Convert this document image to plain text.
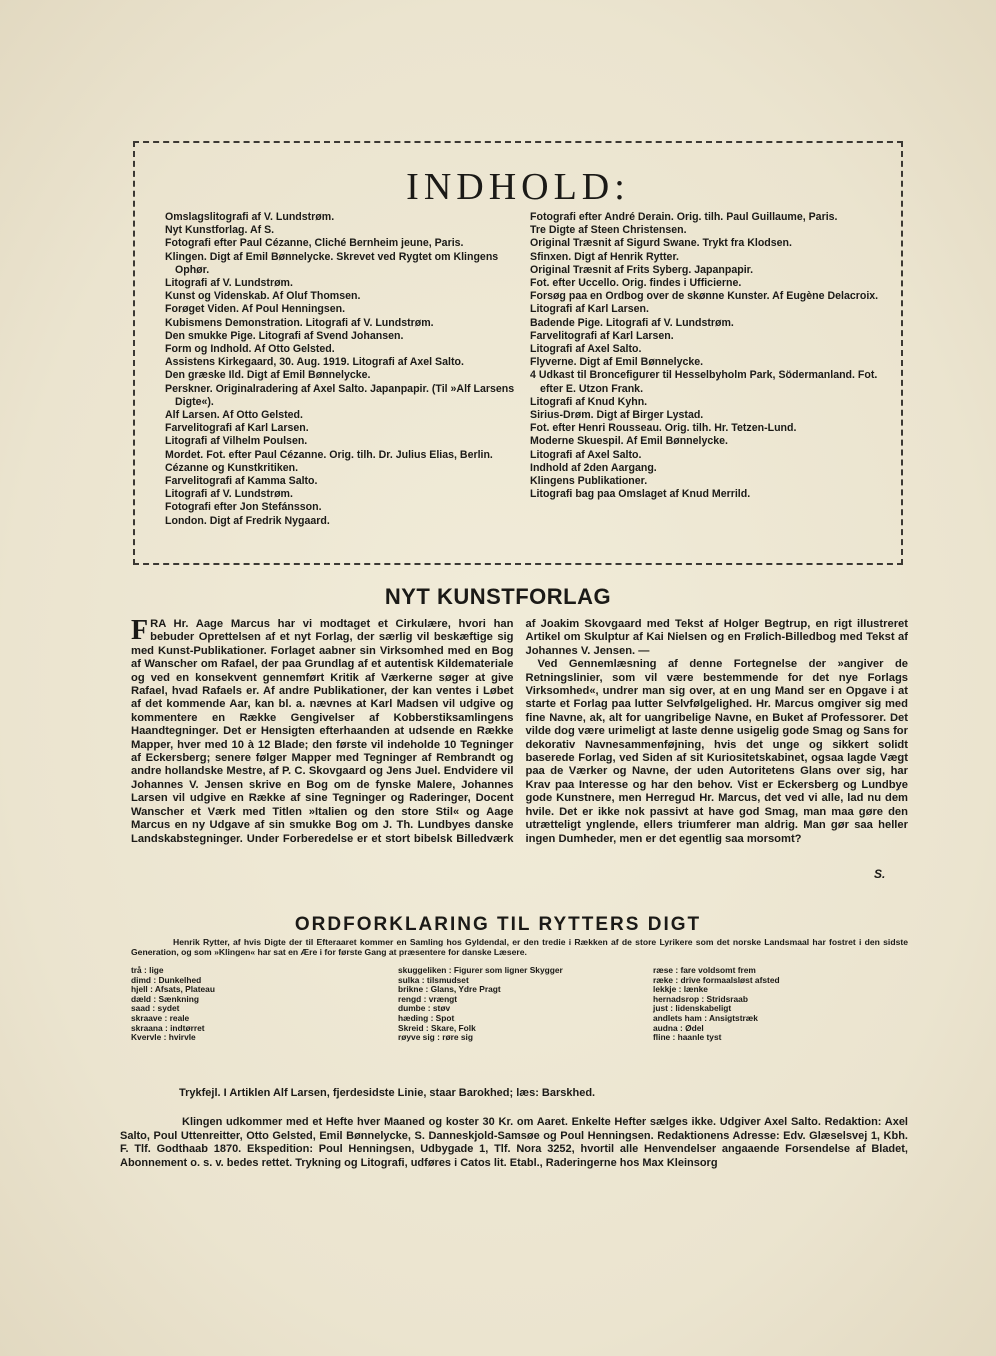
INDHOLD:
Omslagslitografi af V. Lundstrøm.
Nyt Kunstforlag. Af S.
Fotografi efter Paul Cézanne, Cliché Bernheim jeune, Paris.
Klingen. Digt af Emil Bønnelycke. Skrevet ved Rygtet om Klingens Ophør.
Litografi af V. Lundstrøm.
Kunst og Videnskab. Af Oluf Thomsen.
Forøget Viden. Af Poul Henningsen.
Kubismens Demonstration. Litografi af V. Lundstrøm.
Den smukke Pige. Litografi af Svend Johansen.
Form og Indhold. Af Otto Gelsted.
Assistens Kirkegaard, 30. Aug. 1919. Litografi af Axel Salto.
Den græske Ild. Digt af Emil Bønnelycke.
Perskner. Originalradering af Axel Salto. Japanpapir. (Til »Alf Larsens Digte«).
Alf Larsen. Af Otto Gelsted.
Farvelitografi af Karl Larsen.
Litografi af Vilhelm Poulsen.
Mordet. Fot. efter Paul Cézanne. Orig. tilh. Dr. Julius Elias, Berlin.
Cézanne og Kunstkritiken.
Farvelitografi af Kamma Salto.
Litografi af V. Lundstrøm.
Fotografi efter Jon Stefánsson.
London. Digt af Fredrik Nygaard.
Fotografi efter André Derain. Orig. tilh. Paul Guillaume, Paris.
Tre Digte af Steen Christensen.
Original Træsnit af Sigurd Swane. Trykt fra Klodsen.
Sfinxen. Digt af Henrik Rytter.
Original Træsnit af Frits Syberg. Japanpapir.
Fot. efter Uccello. Orig. findes i Ufficierne.
Forsøg paa en Ordbog over de skønne Kunster. Af Eugène Delacroix.
Litografi af Karl Larsen.
Badende Pige. Litografi af V. Lundstrøm.
Farvelitografi af Karl Larsen.
Litografi af Axel Salto.
Flyverne. Digt af Emil Bønnelycke.
4 Udkast til Broncefigurer til Hesselbyholm Park, Södermanland. Fot. efter E. Utzon Frank.
Litografi af Knud Kyhn.
Sirius-Drøm. Digt af Birger Lystad.
Fot. efter Henri Rousseau. Orig. tilh. Hr. Tetzen-Lund.
Moderne Skuespil. Af Emil Bønnelycke.
Litografi af Axel Salto.
Indhold af 2den Aargang.
Klingens Publikationer.
Litografi bag paa Omslaget af Knud Merrild.
NYT KUNSTFORLAG

FRA Hr. Aage Marcus har vi modtaget et Cirkulære, hvori han bebuder Oprettelsen af et nyt Forlag, der særlig vil beskæftige sig med Kunst-Publikationer. Forlaget aabner sin Virksomhed med en Bog af Wanscher om Rafael, der paa Grundlag af et autentisk Kildemateriale og ved en konsekvent gennemført Kritik af Værkerne søger at give Rafael, hvad Rafaels er. Af andre Publikationer, der kan ventes i Løbet af det kommende Aar, kan bl. a. nævnes at Karl Madsen vil udgive og kommentere en Række Gengivelser af Kobberstiksamlingens Haandtegninger. Det er Hensigten efterhaanden at udsende en Række Mapper, hver med 10 à 12 Blade; den første vil indeholde 10 Tegninger af Eckersberg; senere følger Mapper med Tegninger af Rembrandt og andre hollandske Mestre, af P. C. Skovgaard og Jens Juel. Endvidere vil Johannes V. Jensen skrive en Bog om de fynske Malere, Johannes Larsen vil udgive en Række af sine Tegninger og Raderinger, Docent Wanscher et Værk med Titlen »Italien og den store Stil« og Aage Marcus en ny Udgave af sin smukke Bog om J. Th. Lundbyes danske Landskabstegninger. Under Forberedelse er et stort bibelsk Billedværk af Joakim Skovgaard med Tekst af Holger Begtrup, en rigt illustreret Artikel om Skulptur af Kai Nielsen og en Frølich-Billedbog med Tekst af Johannes V. Jensen. —

Ved Gennemlæsning af denne Fortegnelse der »angiver de Retningslinier, som vil være bestemmende for det nye Forlags Virksomhed«, undrer man sig over, at en ung Mand ser en Opgave i at starte et Forlag paa lutter Selvfølgelighed. Hr. Marcus omgiver sig med fine Navne, ak, alt for uangribelige Navne, en Buket af Professorer. Det vilde dog være urimeligt at laste denne usigelig gode Smag og Sans for dekorativ Navnesammenføjning, hvis det unge og sikkert solidt baserede Forlag, ved Siden af sit Kuriositetskabinet, ogsaa lagde Vægt paa de Værker og Navne, der uden Autoritetens Glans over sig, har Krav paa Interesse og har den behov. Vist er Eckersberg og Lundbye gode Kunstnere, men Herregud Hr. Marcus, det ved vi alle, lad nu dem hvile. Det er ikke nok passivt at have god Smag, man maa gøre den utrætteligt ynglende, ellers triumferer man aldrig. Man gør saa heller ingen Dumheder, men er det egentlig saa morsomt?

S.
ORDFORKLARING TIL RYTTERS DIGT

Henrik Rytter, af hvis Digte der til Efteraaret kommer en Samling hos Gyldendal, er den tredie i Rækken af de store Lyrikere som det norske Landsmaal har fostret i den sidste Generation, og som »Klingen« har sat en Ære i for første Gang at præsentere for danske Læsere.

trå : lige
dimd : Dunkelhed
hjell : Afsats, Plateau
dæld : Sænkning
saad : sydet
skraave : reale
skraana : indtørret
Kvervle : hvirvle
skuggeliken : Figurer som ligner Skygger
sulka : tilsmudset
brikne : Glans, Ydre Pragt
rengd : vrængt
dumbe : støv
hæding : Spot
Skreid : Skare, Folk
røyve sig : røre sig
ræse : fare voldsomt frem
ræke : drive formaalsløst afsted
lekkje : lænke
hernadsrop : Stridsraab
just : lidenskabeligt
andlets ham : Ansigtstræk
audna : Ødel
fline : haanle tyst

Trykfejl. I Artiklen Alf Larsen, fjerdesidste Linie, staar Barokhed; læs: Barskhed.

Klingen udkommer med et Hefte hver Maaned og koster 30 Kr. om Aaret. Enkelte Hefter sælges ikke. Udgiver Axel Salto. Redaktion: Axel Salto, Poul Uttenreitter, Otto Gelsted, Emil Bønnelycke, S. Danneskjold-Samsøe og Poul Henningsen. Redaktionens Adresse: Edv. Glæselsvej 1, Kbh. F. Tlf. Godthaab 1870. Ekspedition: Poul Henningsen, Udbygade 1, Tlf. Nora 3252, hvortil alle Henvendelser angaaende Forsendelse af Bladet, Abonnement o. s. v. bedes rettet. Trykning og Litografi, udføres i Catos lit. Etabl., Raderingerne hos Max Kleinsorg
